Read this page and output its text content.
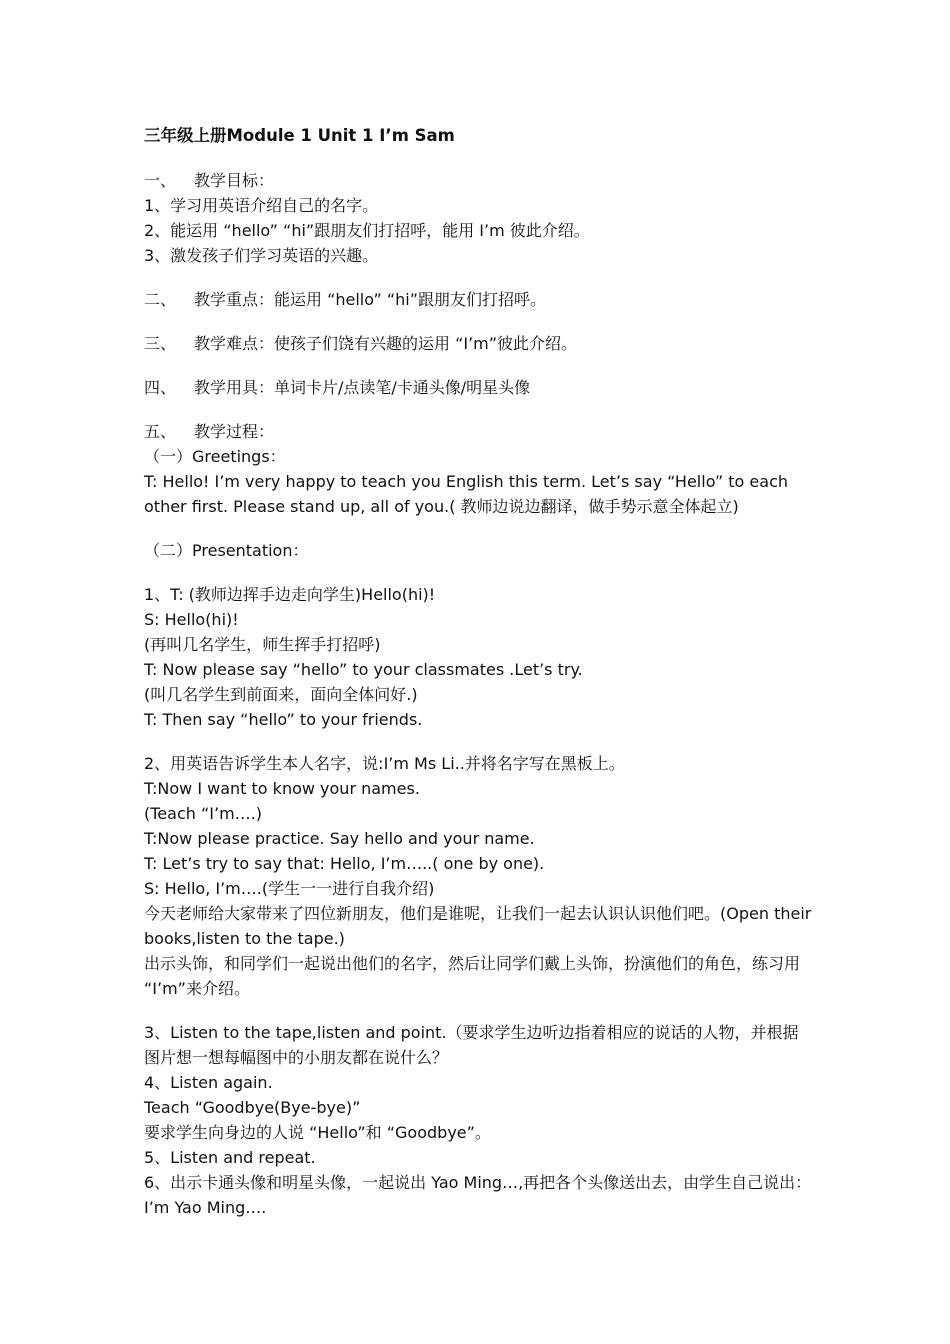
三年级上册Module 1 Unit 1 I’m Sam
一、	教学目标：
1、学习用英语介绍自己的名字。
2、能运用 “hello” “hi”跟朋友们打招呼，能用 I’m 彼此介绍。
3、激发孩子们学习英语的兴趣。
二、	教学重点：能运用 “hello” “hi”跟朋友们打招呼。
三、	教学难点：使孩子们饶有兴趣的运用 “I’m”彼此介绍。
四、	教学用具：单词卡片/点读笔/卡通头像/明星头像
五、	教学过程：
（一）Greetings：
T: Hello! I’m very happy to teach you English this term. Let’s say “Hello” to each other first. Please stand up, all of you.( 教师边说边翻译，做手势示意全体起立)
（二）Presentation：
1、T: (教师边挥手边走向学生)Hello(hi)!
S: Hello(hi)!
(再叫几名学生，师生挥手打招呼)
T: Now please say “hello” to your classmates .Let’s try.
(叫几名学生到前面来，面向全体问好.)
T: Then say “hello” to your friends.
2、用英语告诉学生本人名字，说:I’m Ms Li..并将名字写在黑板上。
T:Now I want to know your names.
(Teach “I’m….)
T:Now please practice. Say hello and your name.
T: Let’s try to say that: Hello, I’m…..( one by one).
S: Hello, I’m….(学生一一进行自我介绍)
今天老师给大家带来了四位新朋友，他们是谁呢，让我们一起去认识认识他们吧。(Open their books,listen to the tape.)
出示头饰，和同学们一起说出他们的名字，然后让同学们戴上头饰，扮演他们的角色，练习用 “I’m”来介绍。
3、Listen to the tape,listen and point.（要求学生边听边指着相应的说话的人物，并根据图片想一想每幅图中的小朋友都在说什么？
4、Listen again.
Teach “Goodbye(Bye-bye)”
要求学生向身边的人说 “Hello”和 “Goodbye”。
5、Listen and repeat.
6、出示卡通头像和明星头像，一起说出 Yao Ming…,再把各个头像送出去，由学生自己说出：I’m Yao Ming….
